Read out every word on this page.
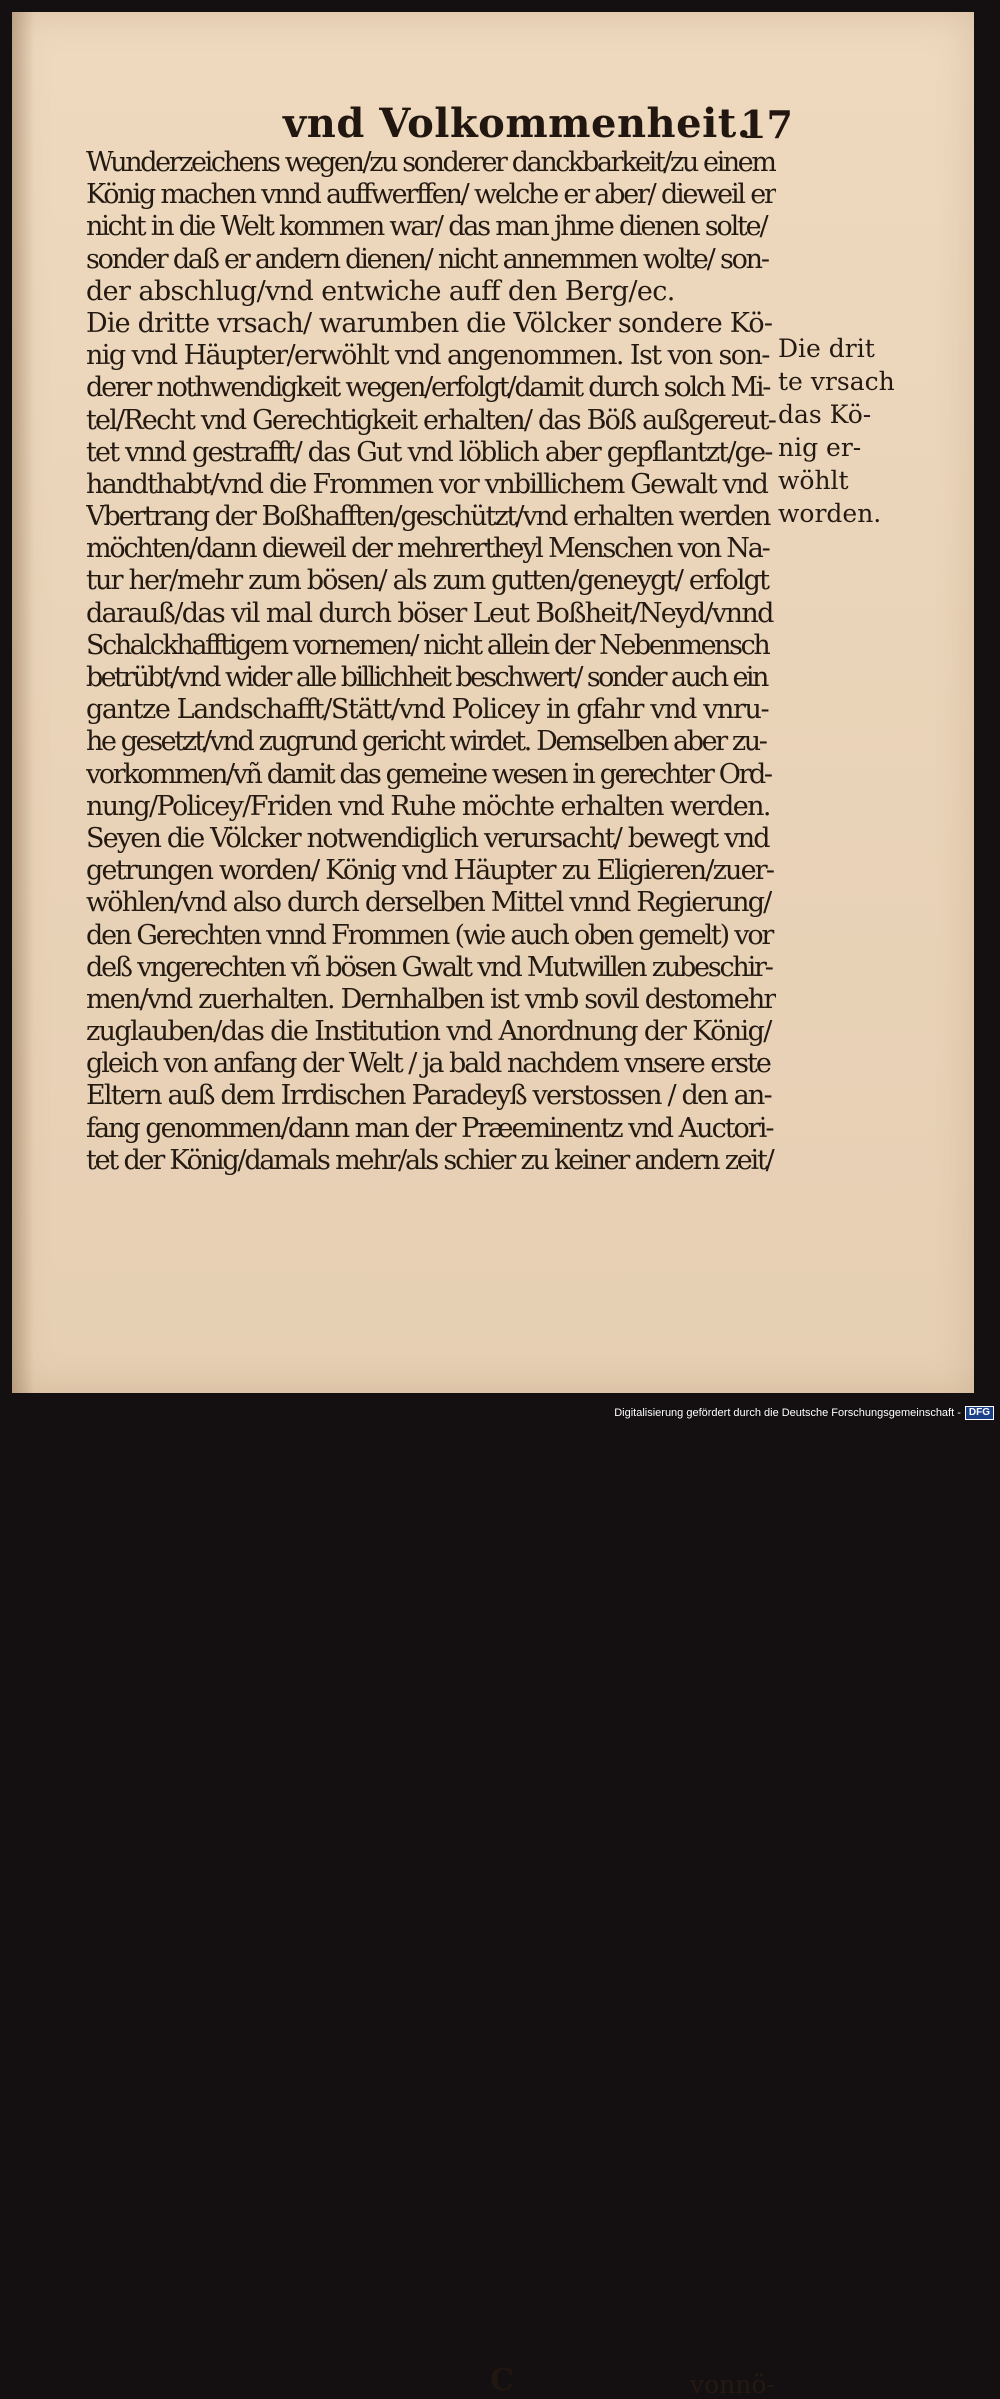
vnd Volkommenheit.
17
Wunderzeichens wegen/zu sonderer danckbarkeit/zu einem
König machen vnnd auffwerffen/ welche er aber/ dieweil er
nicht in die Welt kommen war/ das man jhme dienen solte/
sonder daß er andern dienen/ nicht annemmen wolte/ son-
der abschlug/vnd entwiche auff den Berg/ec.
Die dritte vrsach/ warumben die Völcker sondere Kö-
nig vnd Häupter/erwöhlt vnd angenommen. Ist von son-
derer nothwendigkeit wegen/erfolgt/damit durch solch Mi-
tel/Recht vnd Gerechtigkeit erhalten/ das Böß außgereut-
tet vnnd gestrafft/ das Gut vnd löblich aber gepflantzt/ge-
handthabt/vnd die Frommen vor vnbillichem Gewalt vnd
Vbertrang der Boßhafften/geschützt/vnd erhalten werden
möchten/dann dieweil der mehrertheyl Menschen von Na-
tur her/mehr zum bösen/ als zum gutten/geneygt/ erfolgt
darauß/das vil mal durch böser Leut Boßheit/Neyd/vnnd
Schalckhafftigem vornemen/ nicht allein der Nebenmensch
betrübt/vnd wider alle billichheit beschwert/ sonder auch ein
gantze Landschafft/Stätt/vnd Policey in gfahr vnd vnru-
he gesetzt/vnd zugrund gericht wirdet. Demselben aber zu-
vorkommen/vñ damit das gemeine wesen in gerechter Ord-
nung/Policey/Friden vnd Ruhe möchte erhalten werden.
Seyen die Völcker notwendiglich verursacht/ bewegt vnd
getrungen worden/ König vnd Häupter zu Eligieren/zuer-
wöhlen/vnd also durch derselben Mittel vnnd Regierung/
den Gerechten vnnd Frommen (wie auch oben gemelt) vor
deß vngerechten vñ bösen Gwalt vnd Mutwillen zubeschir-
men/vnd zuerhalten. Dernhalben ist vmb sovil destomehr
zuglauben/das die Institution vnd Anordnung der König/
gleich von anfang der Welt / ja bald nachdem vnsere erste
Eltern auß dem Irrdischen Paradeyß verstossen / den an-
fang genommen/dann man der Præeminentz vnd Auctori-
tet der König/damals mehr/als schier zu keiner andern zeit/
Die drit
te vrsach
das Kö-
nig er-
wöhlt
worden.
C	vonnö-
Digitalisierung gefördert durch die Deutsche Forschungsgemeinschaft - DFG
